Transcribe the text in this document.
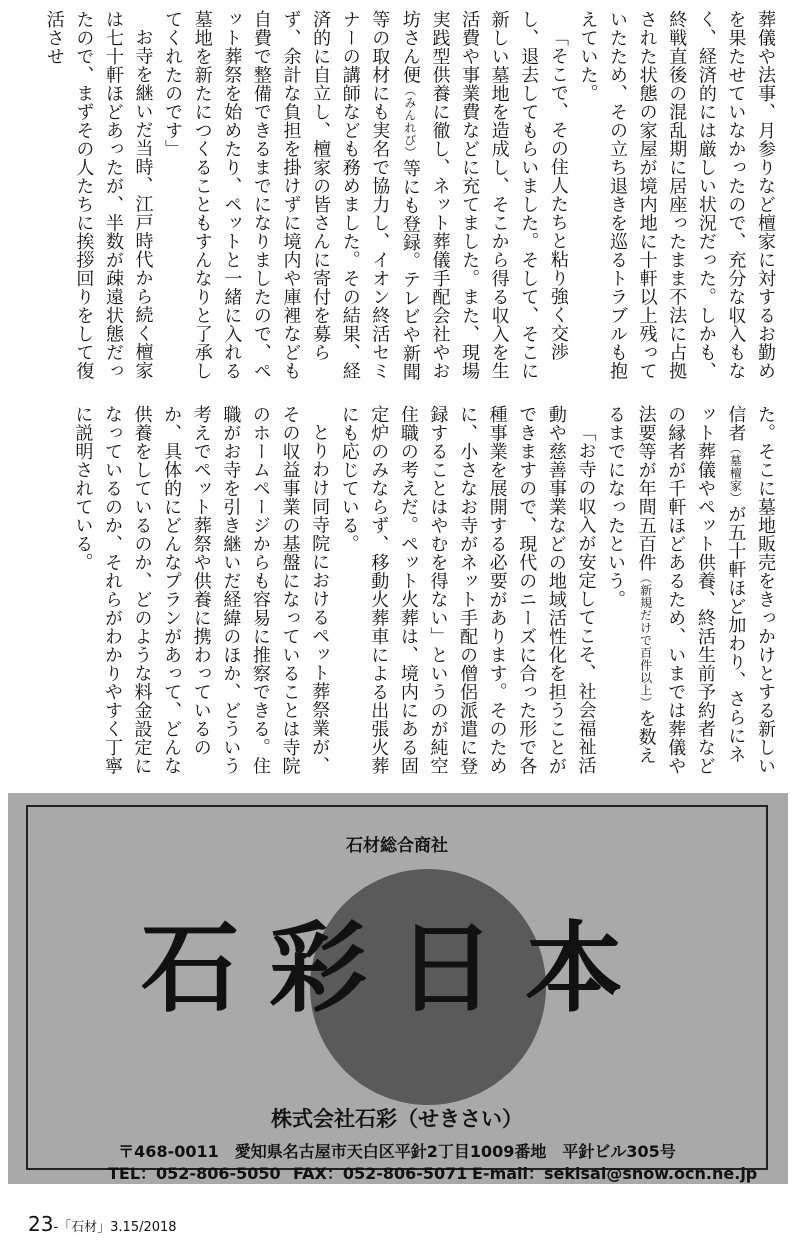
葬儀や法事、月参りなど檀家に対するお勤めを果たせていなかったので、充分な収入もなく、経済的には厳しい状況だった。しかも、終戦直後の混乱期に居座ったまま不法に占拠された状態の家屋が境内地に十軒以上残っていたため、その立ち退きを巡るトラブルも抱えていた。

「そこで、その住人たちと粘り強く交渉し、退去してもらいました。そして、そこに新しい墓地を造成し、そこから得る収入を生活費や事業費などに充てました。また、現場実践型供養に徹し、ネット葬儀手配会社やお坊さん便（みんれび）等にも登録。テレビや新聞等の取材にも実名で協力し、イオン終活セミナーの講師なども務めました。その結果、経済的に自立し、檀家の皆さんに寄付を募らず、余計な負担を掛けずに境内や庫裡なども自費で整備できるまでになりましたので、ペット葬祭を始めたり、ペットと一緒に入れる墓地を新たにつくることもすんなりと了承してくれたのです」

お寺を継いだ当時、江戸時代から続く檀家は七十軒ほどあったが、半数が疎遠状態だったので、まずその人たちに挨拶回りをして復活させ

た。そこに墓地販売をきっかけとする新しい信者（墓檀家）が五十軒ほど加わり、さらにネット葬儀やペット供養、終活生前予約者などの縁者が千軒ほどあるため、いまでは葬儀や法要等が年間五百件（新規だけで百件以上）を数えるまでになったという。

「お寺の収入が安定してこそ、社会福祉活動や慈善事業などの地域活性化を担うことができますので、現代のニーズに合った形で各種事業を展開する必要があります。そのために、小さなお寺がネット手配の僧侶派遣に登録することはやむを得ない」というのが純空住職の考えだ。ペット火葬は、境内にある固定炉のみならず、移動火葬車による出張火葬にも応じている。

とりわけ同寺院におけるペット葬祭業が、その収益事業の基盤になっていることは寺院のホームページからも容易に推察できる。住職がお寺を引き継いだ経緯のほか、どういう考えでペット葬祭や供養に携わっているのか、具体的にどんなプランがあって、どんな供養をしているのか、どのような料金設定になっているのか、それらがわかりやすく丁寧に説明されている。

石材総合商社
石彩日本
株式会社石彩（せきさい）
〒468-0011　愛知県名古屋市天白区平針2丁目1009番地　平針ビル305号
TEL：052-806-5050 FAX：052-806-5071 E-mail：sekisai@snow.ocn.ne.jp
23-「石材」3.15/2018
